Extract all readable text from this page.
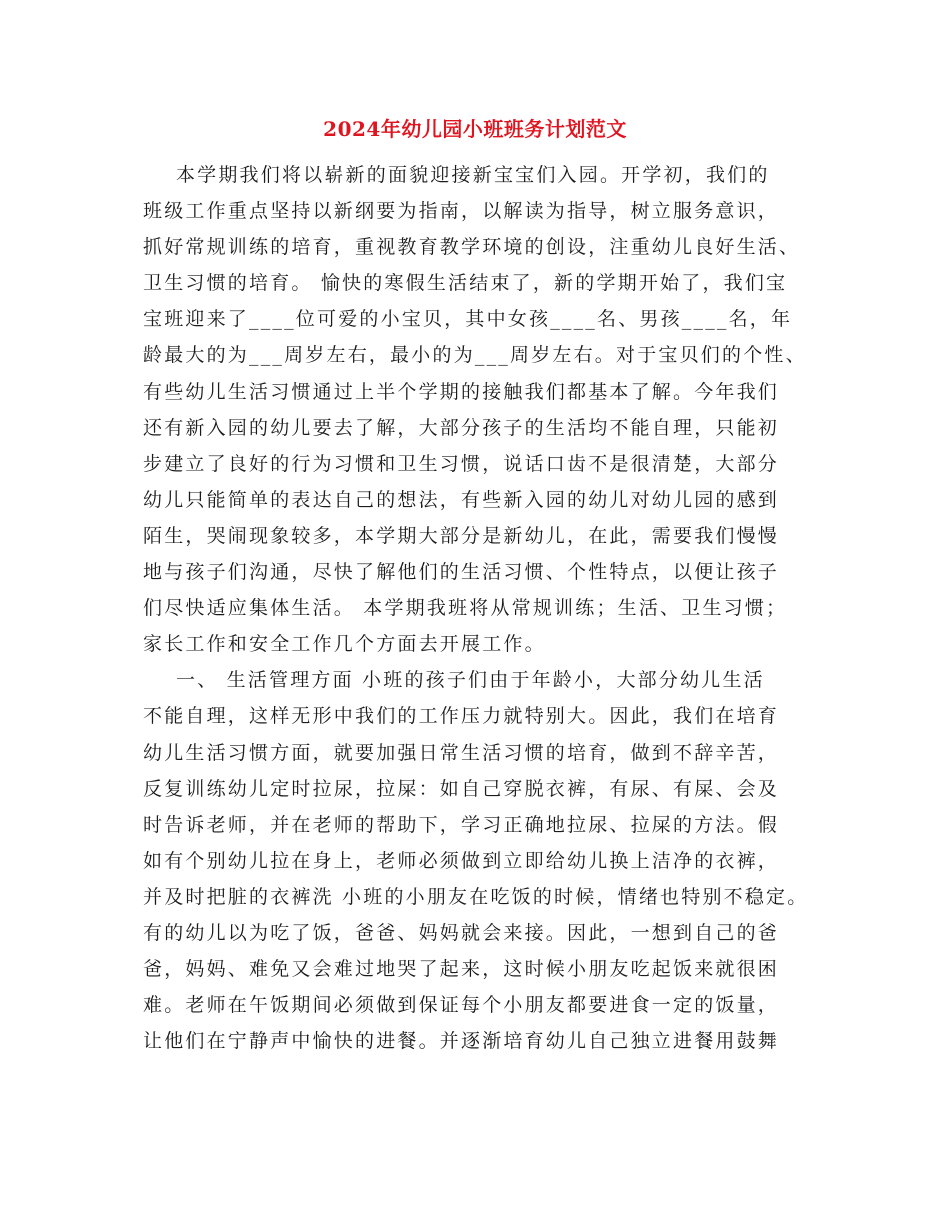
2024年幼儿园小班班务计划范文
本学期我们将以崭新的面貌迎接新宝宝们入园。开学初，我们的
班级工作重点坚持以新纲要为指南，以解读为指导，树立服务意识，
抓好常规训练的培育，重视教育教学环境的创设，注重幼儿良好生活、
卫生习惯的培育。 愉快的寒假生活结束了，新的学期开始了，我们宝
宝班迎来了____位可爱的小宝贝，其中女孩____名、男孩____名，年
龄最大的为___周岁左右，最小的为___周岁左右。对于宝贝们的个性、
有些幼儿生活习惯通过上半个学期的接触我们都基本了解。今年我们
还有新入园的幼儿要去了解，大部分孩子的生活均不能自理，只能初
步建立了良好的行为习惯和卫生习惯，说话口齿不是很清楚，大部分
幼儿只能简单的表达自己的想法，有些新入园的幼儿对幼儿园的感到
陌生，哭闹现象较多，本学期大部分是新幼儿，在此，需要我们慢慢
地与孩子们沟通，尽快了解他们的生活习惯、个性特点，以便让孩子
们尽快适应集体生活。 本学期我班将从常规训练；生活、卫生习惯；
家长工作和安全工作几个方面去开展工作。
一、 生活管理方面 小班的孩子们由于年龄小，大部分幼儿生活
不能自理，这样无形中我们的工作压力就特别大。因此，我们在培育
幼儿生活习惯方面，就要加强日常生活习惯的培育，做到不辞辛苦，
反复训练幼儿定时拉尿，拉屎：如自己穿脱衣裤，有尿、有屎、会及
时告诉老师，并在老师的帮助下，学习正确地拉尿、拉屎的方法。假
如有个别幼儿拉在身上，老师必须做到立即给幼儿换上洁净的衣裤，
并及时把脏的衣裤洗 小班的小朋友在吃饭的时候，情绪也特别不稳定。
有的幼儿以为吃了饭，爸爸、妈妈就会来接。因此，一想到自己的爸
爸，妈妈、难免又会难过地哭了起来，这时候小朋友吃起饭来就很困
难。老师在午饭期间必须做到保证每个小朋友都要进食一定的饭量，
让他们在宁静声中愉快的进餐。并逐渐培育幼儿自己独立进餐用鼓舞
